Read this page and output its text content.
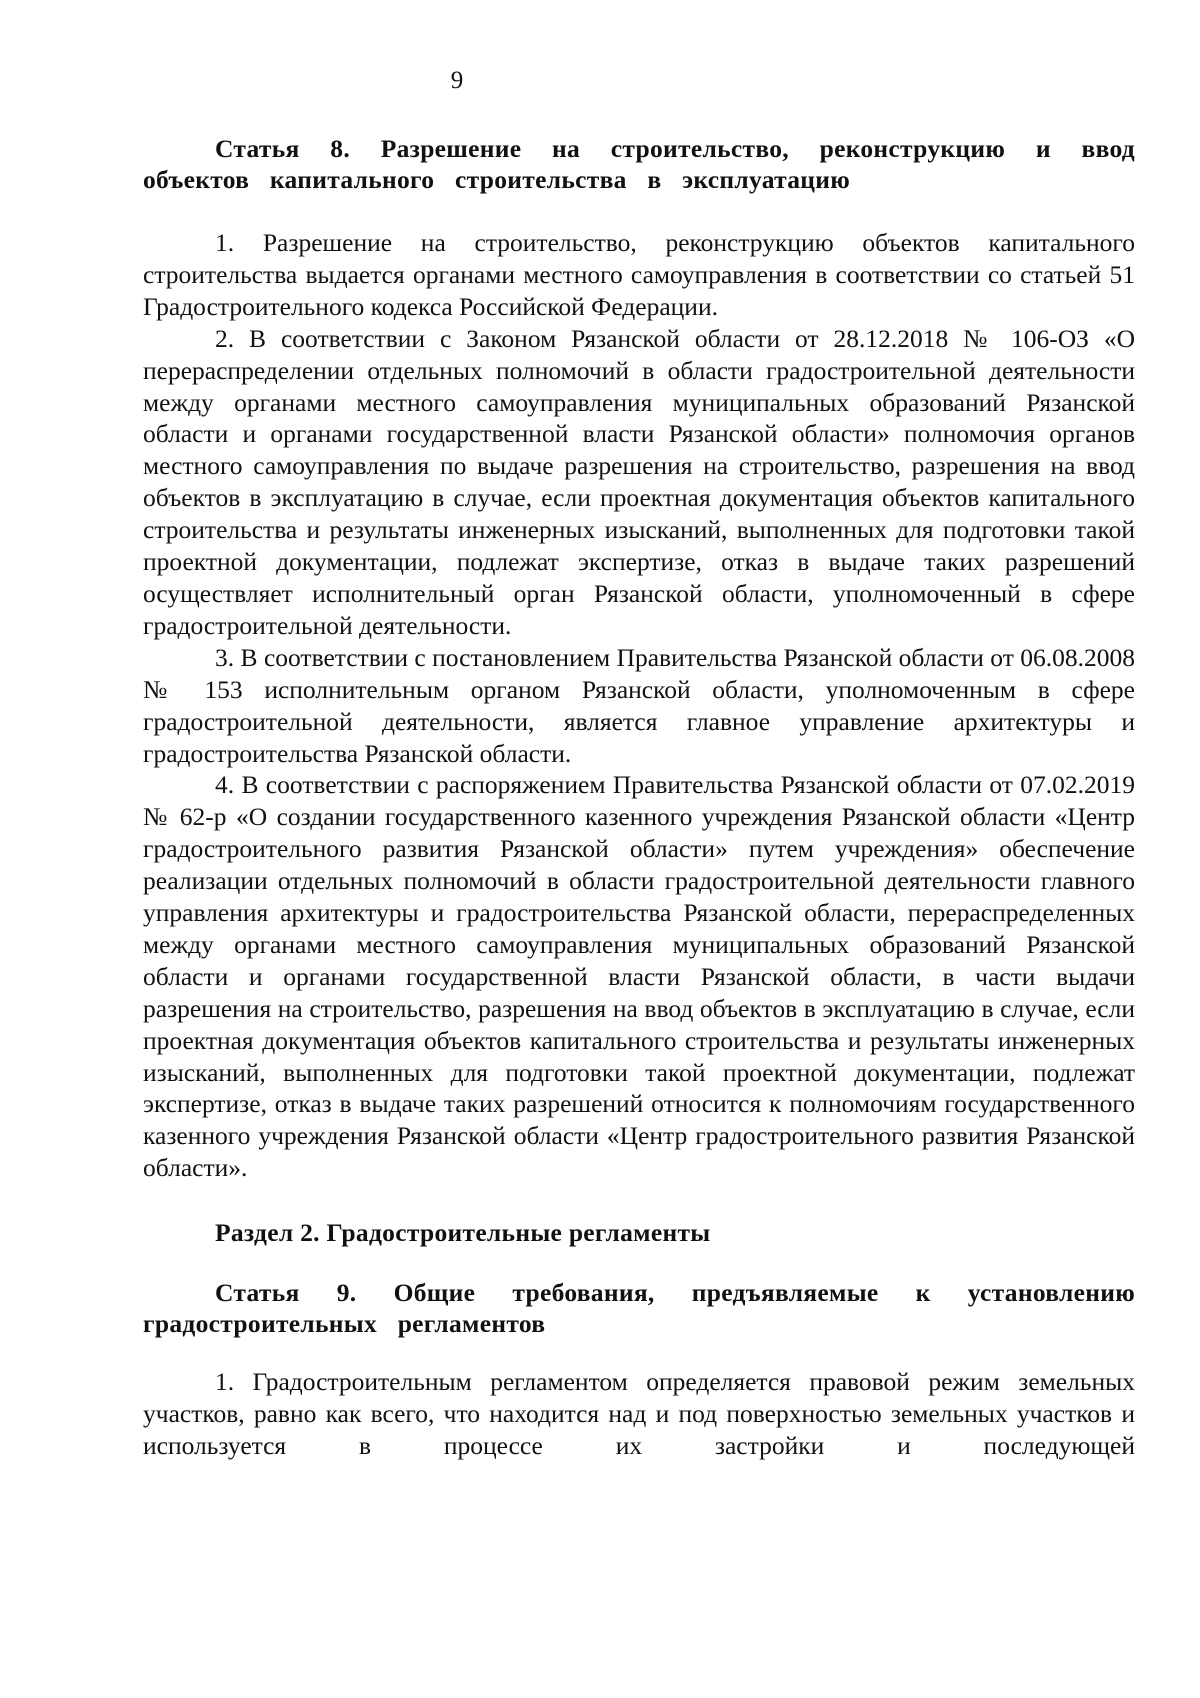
9

Статья 8. Разрешение на строительство, реконструкцию и ввод объектов капитального строительства в эксплуатацию

1. Разрешение на строительство, реконструкцию объектов капитального строительства выдается органами местного самоуправления в соответствии со статьей 51 Градостроительного кодекса Российской Федерации.

2. В соответствии с Законом Рязанской области от 28.12.2018 № 106-ОЗ «О перераспределении отдельных полномочий в области градостроительной деятельности между органами местного самоуправления муниципальных образований Рязанской области и органами государственной власти Рязанской области» полномочия органов местного самоуправления по выдаче разрешения на строительство, разрешения на ввод объектов в эксплуатацию в случае, если проектная документация объектов капитального строительства и результаты инженерных изысканий, выполненных для подготовки такой проектной документации, подлежат экспертизе, отказ в выдаче таких разрешений осуществляет исполнительный орган Рязанской области, уполномоченный в сфере градостроительной деятельности.

3. В соответствии с постановлением Правительства Рязанской области от 06.08.2008 № 153 исполнительным органом Рязанской области, уполномоченным в сфере градостроительной деятельности, является главное управление архитектуры и градостроительства Рязанской области.

4. В соответствии с распоряжением Правительства Рязанской области от 07.02.2019 № 62-р «О создании государственного казенного учреждения Рязанской области «Центр градостроительного развития Рязанской области» путем учреждения» обеспечение реализации отдельных полномочий в области градостроительной деятельности главного управления архитектуры и градостроительства Рязанской области, перераспределенных между органами местного самоуправления муниципальных образований Рязанской области и органами государственной власти Рязанской области, в части выдачи разрешения на строительство, разрешения на ввод объектов в эксплуатацию в случае, если проектная документация объектов капитального строительства и результаты инженерных изысканий, выполненных для подготовки такой проектной документации, подлежат экспертизе, отказ в выдаче таких разрешений относится к полномочиям государственного казенного учреждения Рязанской области «Центр градостроительного развития Рязанской области».

Раздел 2. Градостроительные регламенты

Статья 9. Общие требования, предъявляемые к установлению градостроительных регламентов

1. Градостроительным регламентом определяется правовой режим земельных участков, равно как всего, что находится над и под поверхностью земельных участков и используется в процессе их застройки и последующей
